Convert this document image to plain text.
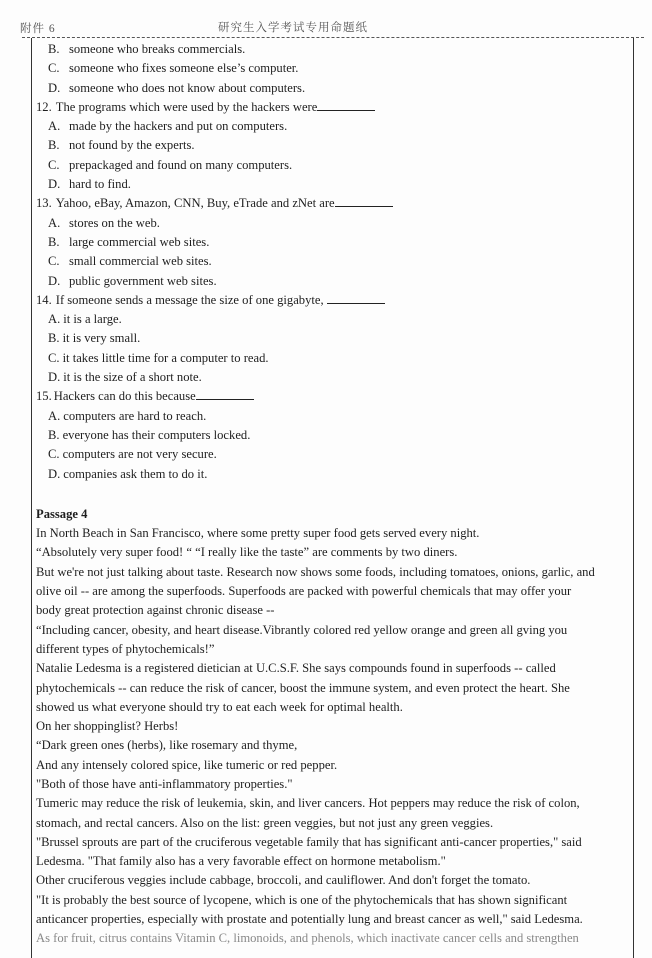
附件 6	研究生入学考试专用命题纸
B. someone who breaks commercials.
C. someone who fixes someone else’s computer.
D. someone who does not know about computers.
12. The programs which were used by the hackers were
A. made by the hackers and put on computers.
B. not found by the experts.
C. prepackaged and found on many computers.
D. hard to find.
13. Yahoo, eBay, Amazon, CNN, Buy, eTrade and zNet are
A. stores on the web.
B. large commercial web sites.
C. small commercial web sites.
D. public government web sites.
14. If someone sends a message the size of one gigabyte,
A. it is a large.
B. it is very small.
C. it takes little time for a computer to read.
D. it is the size of a short note.
15. Hackers can do this because
A. computers are hard to reach.
B. everyone has their computers locked.
C. computers are not very secure.
D. companies ask them to do it.
Passage 4
In North Beach in San Francisco, where some pretty super food gets served every night.
“Absolutely very super food! “ “I really like the taste” are comments by two diners.
But we're not just talking about taste. Research now shows some foods, including tomatoes, onions, garlic, and
olive oil -- are among the superfoods. Superfoods are packed with powerful chemicals that may offer your
body great protection against chronic disease --
“Including cancer, obesity, and heart disease.Vibrantly colored red yellow orange and green all gving you
different types of phytochemicals!”
Natalie Ledesma is a registered dietician at U.C.S.F. She says compounds found in superfoods -- called
phytochemicals -- can reduce the risk of cancer, boost the immune system, and even protect the heart. She
showed us what everyone should try to eat each week for optimal health.
On her shoppinglist? Herbs!
“Dark green ones (herbs), like rosemary and thyme,
And any intensely colored spice, like tumeric or red pepper.
"Both of those have anti-inflammatory properties."
Tumeric may reduce the risk of leukemia, skin, and liver cancers. Hot peppers may reduce the risk of colon,
stomach, and rectal cancers. Also on the list: green veggies, but not just any green veggies.
"Brussel sprouts are part of the cruciferous vegetable family that has significant anti-cancer properties," said
Ledesma. "That family also has a very favorable effect on hormone metabolism."
Other cruciferous veggies include cabbage, broccoli, and cauliflower. And don't forget the tomato.
"It is probably the best source of lycopene, which is one of the phytochemicals that has shown significant
anticancer properties, especially with prostate and potentially lung and breast cancer as well," said Ledesma.
As for fruit, citrus contains Vitamin C, limonoids, and phenols, which inactivate cancer cells and strengthen
